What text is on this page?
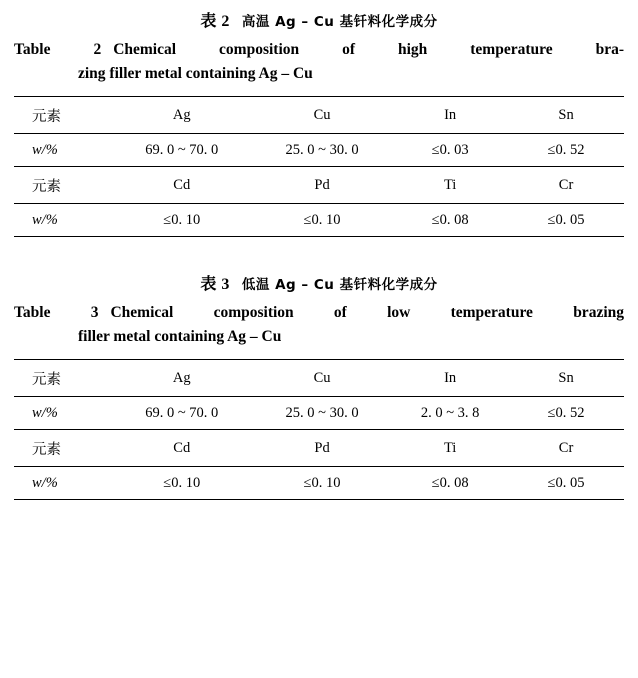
表 2 高温 Ag – Cu 基钎料化学成分
Table 2 Chemical composition of high temperature bra-
zing filler metal containing Ag – Cu
元素	Ag	Cu	In	Sn
w/%	69. 0 ~ 70. 0	25. 0 ~ 30. 0	≤0. 03	≤0. 52
元素	Cd	Pd	Ti	Cr
w/%	≤0. 10	≤0. 10	≤0. 08	≤0. 05
表 3 低温 Ag – Cu 基钎料化学成分
Table 3 Chemical composition of low temperature brazing
filler metal containing Ag – Cu
元素	Ag	Cu	In	Sn
w/%	69. 0 ~ 70. 0	25. 0 ~ 30. 0	2. 0 ~ 3. 8	≤0. 52
元素	Cd	Pd	Ti	Cr
w/%	≤0. 10	≤0. 10	≤0. 08	≤0. 05
